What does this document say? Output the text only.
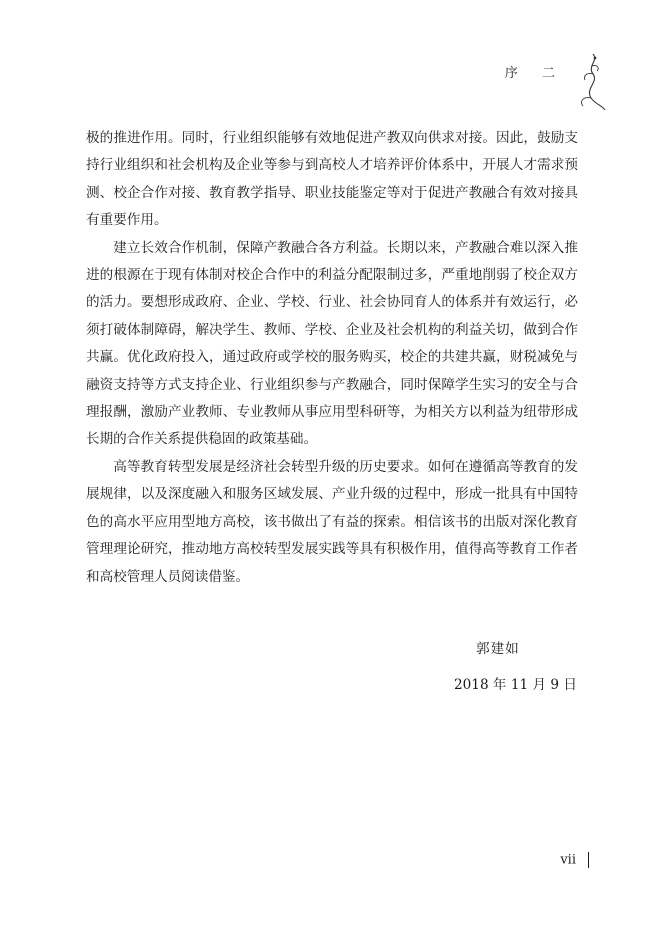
序 二

极的推进作用。同时，行业组织能够有效地促进产教双向供求对接。因此，鼓励支持行业组织和社会机构及企业等参与到高校人才培养评价体系中，开展人才需求预测、校企合作对接、教育教学指导、职业技能鉴定等对于促进产教融合有效对接具有重要作用。

建立长效合作机制，保障产教融合各方利益。长期以来，产教融合难以深入推进的根源在于现有体制对校企合作中的利益分配限制过多，严重地削弱了校企双方的活力。要想形成政府、企业、学校、行业、社会协同育人的体系并有效运行，必须打破体制障碍，解决学生、教师、学校、企业及社会机构的利益关切，做到合作共赢。优化政府投入，通过政府或学校的服务购买，校企的共建共赢，财税减免与融资支持等方式支持企业、行业组织参与产教融合，同时保障学生实习的安全与合理报酬，激励产业教师、专业教师从事应用型科研等，为相关方以利益为纽带形成长期的合作关系提供稳固的政策基础。

高等教育转型发展是经济社会转型升级的历史要求。如何在遵循高等教育的发展规律，以及深度融入和服务区域发展、产业升级的过程中，形成一批具有中国特色的高水平应用型地方高校，该书做出了有益的探索。相信该书的出版对深化教育管理理论研究，推动地方高校转型发展实践等具有积极作用，值得高等教育工作者和高校管理人员阅读借鉴。

郭建如
2018 年 11 月 9 日
vii
